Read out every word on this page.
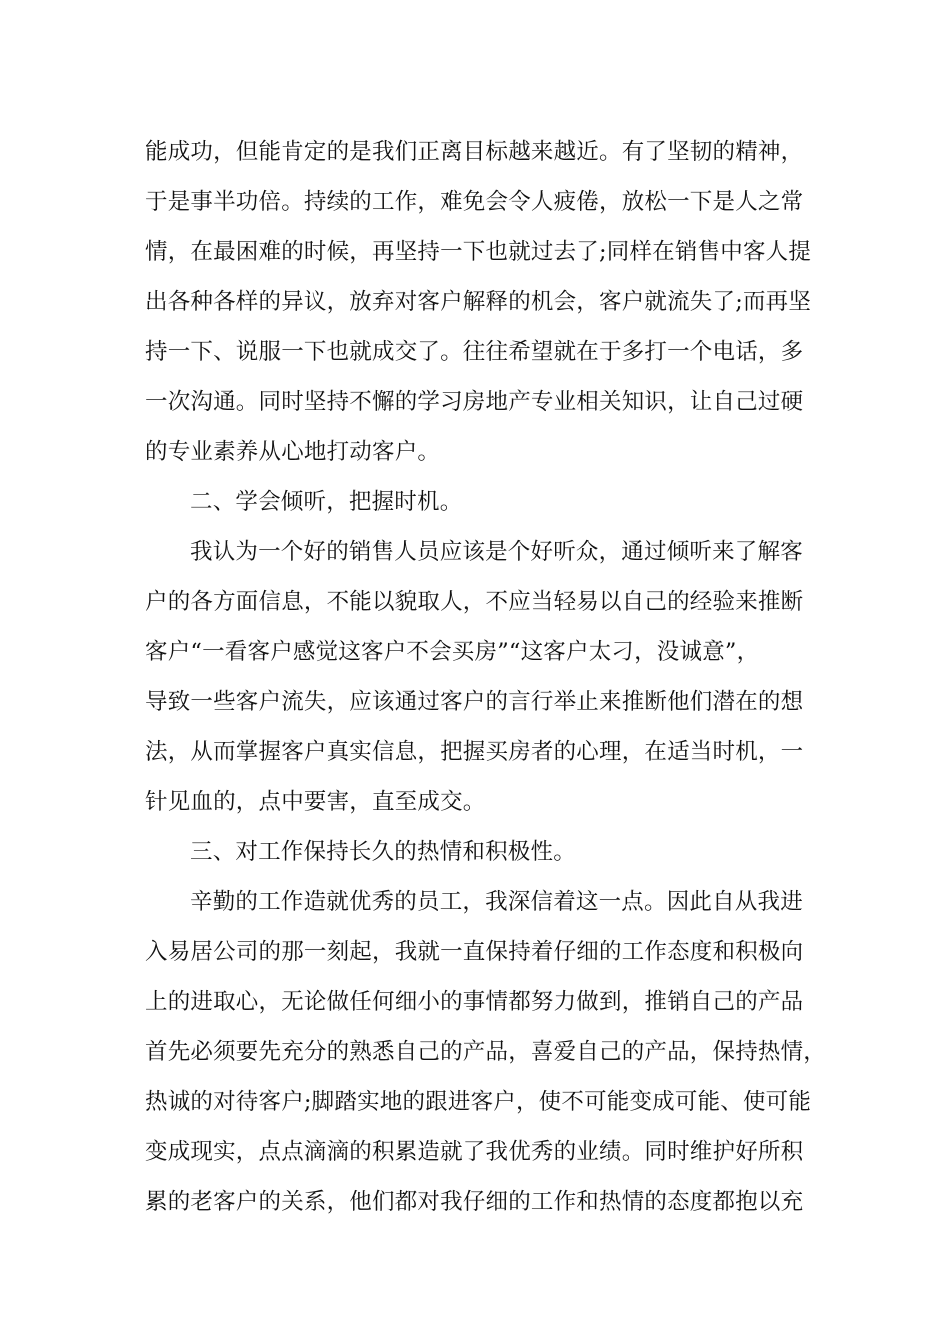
能成功，但能肯定的是我们正离目标越来越近。有了坚韧的精神，
于是事半功倍。持续的工作，难免会令人疲倦，放松一下是人之常
情，在最困难的时候，再坚持一下也就过去了;同样在销售中客人提
出各种各样的异议，放弃对客户解释的机会，客户就流失了;而再坚
持一下、说服一下也就成交了。往往希望就在于多打一个电话，多
一次沟通。同时坚持不懈的学习房地产专业相关知识，让自己过硬
的专业素养从心地打动客户。
二、学会倾听，把握时机。
我认为一个好的销售人员应该是个好听众，通过倾听来了解客
户的各方面信息，不能以貌取人，不应当轻易以自己的经验来推断
客户“一看客户感觉这客户不会买房”“这客户太刁，没诚意”，
导致一些客户流失，应该通过客户的言行举止来推断他们潜在的想
法，从而掌握客户真实信息，把握买房者的心理，在适当时机，一
针见血的，点中要害，直至成交。
三、对工作保持长久的热情和积极性。
辛勤的工作造就优秀的员工，我深信着这一点。因此自从我进
入易居公司的那一刻起，我就一直保持着仔细的工作态度和积极向
上的进取心，无论做任何细小的事情都努力做到，推销自己的产品
首先必须要先充分的熟悉自己的产品，喜爱自己的产品，保持热情，
热诚的对待客户;脚踏实地的跟进客户，使不可能变成可能、使可能
变成现实，点点滴滴的积累造就了我优秀的业绩。同时维护好所积
累的老客户的关系，他们都对我仔细的工作和热情的态度都抱以充
